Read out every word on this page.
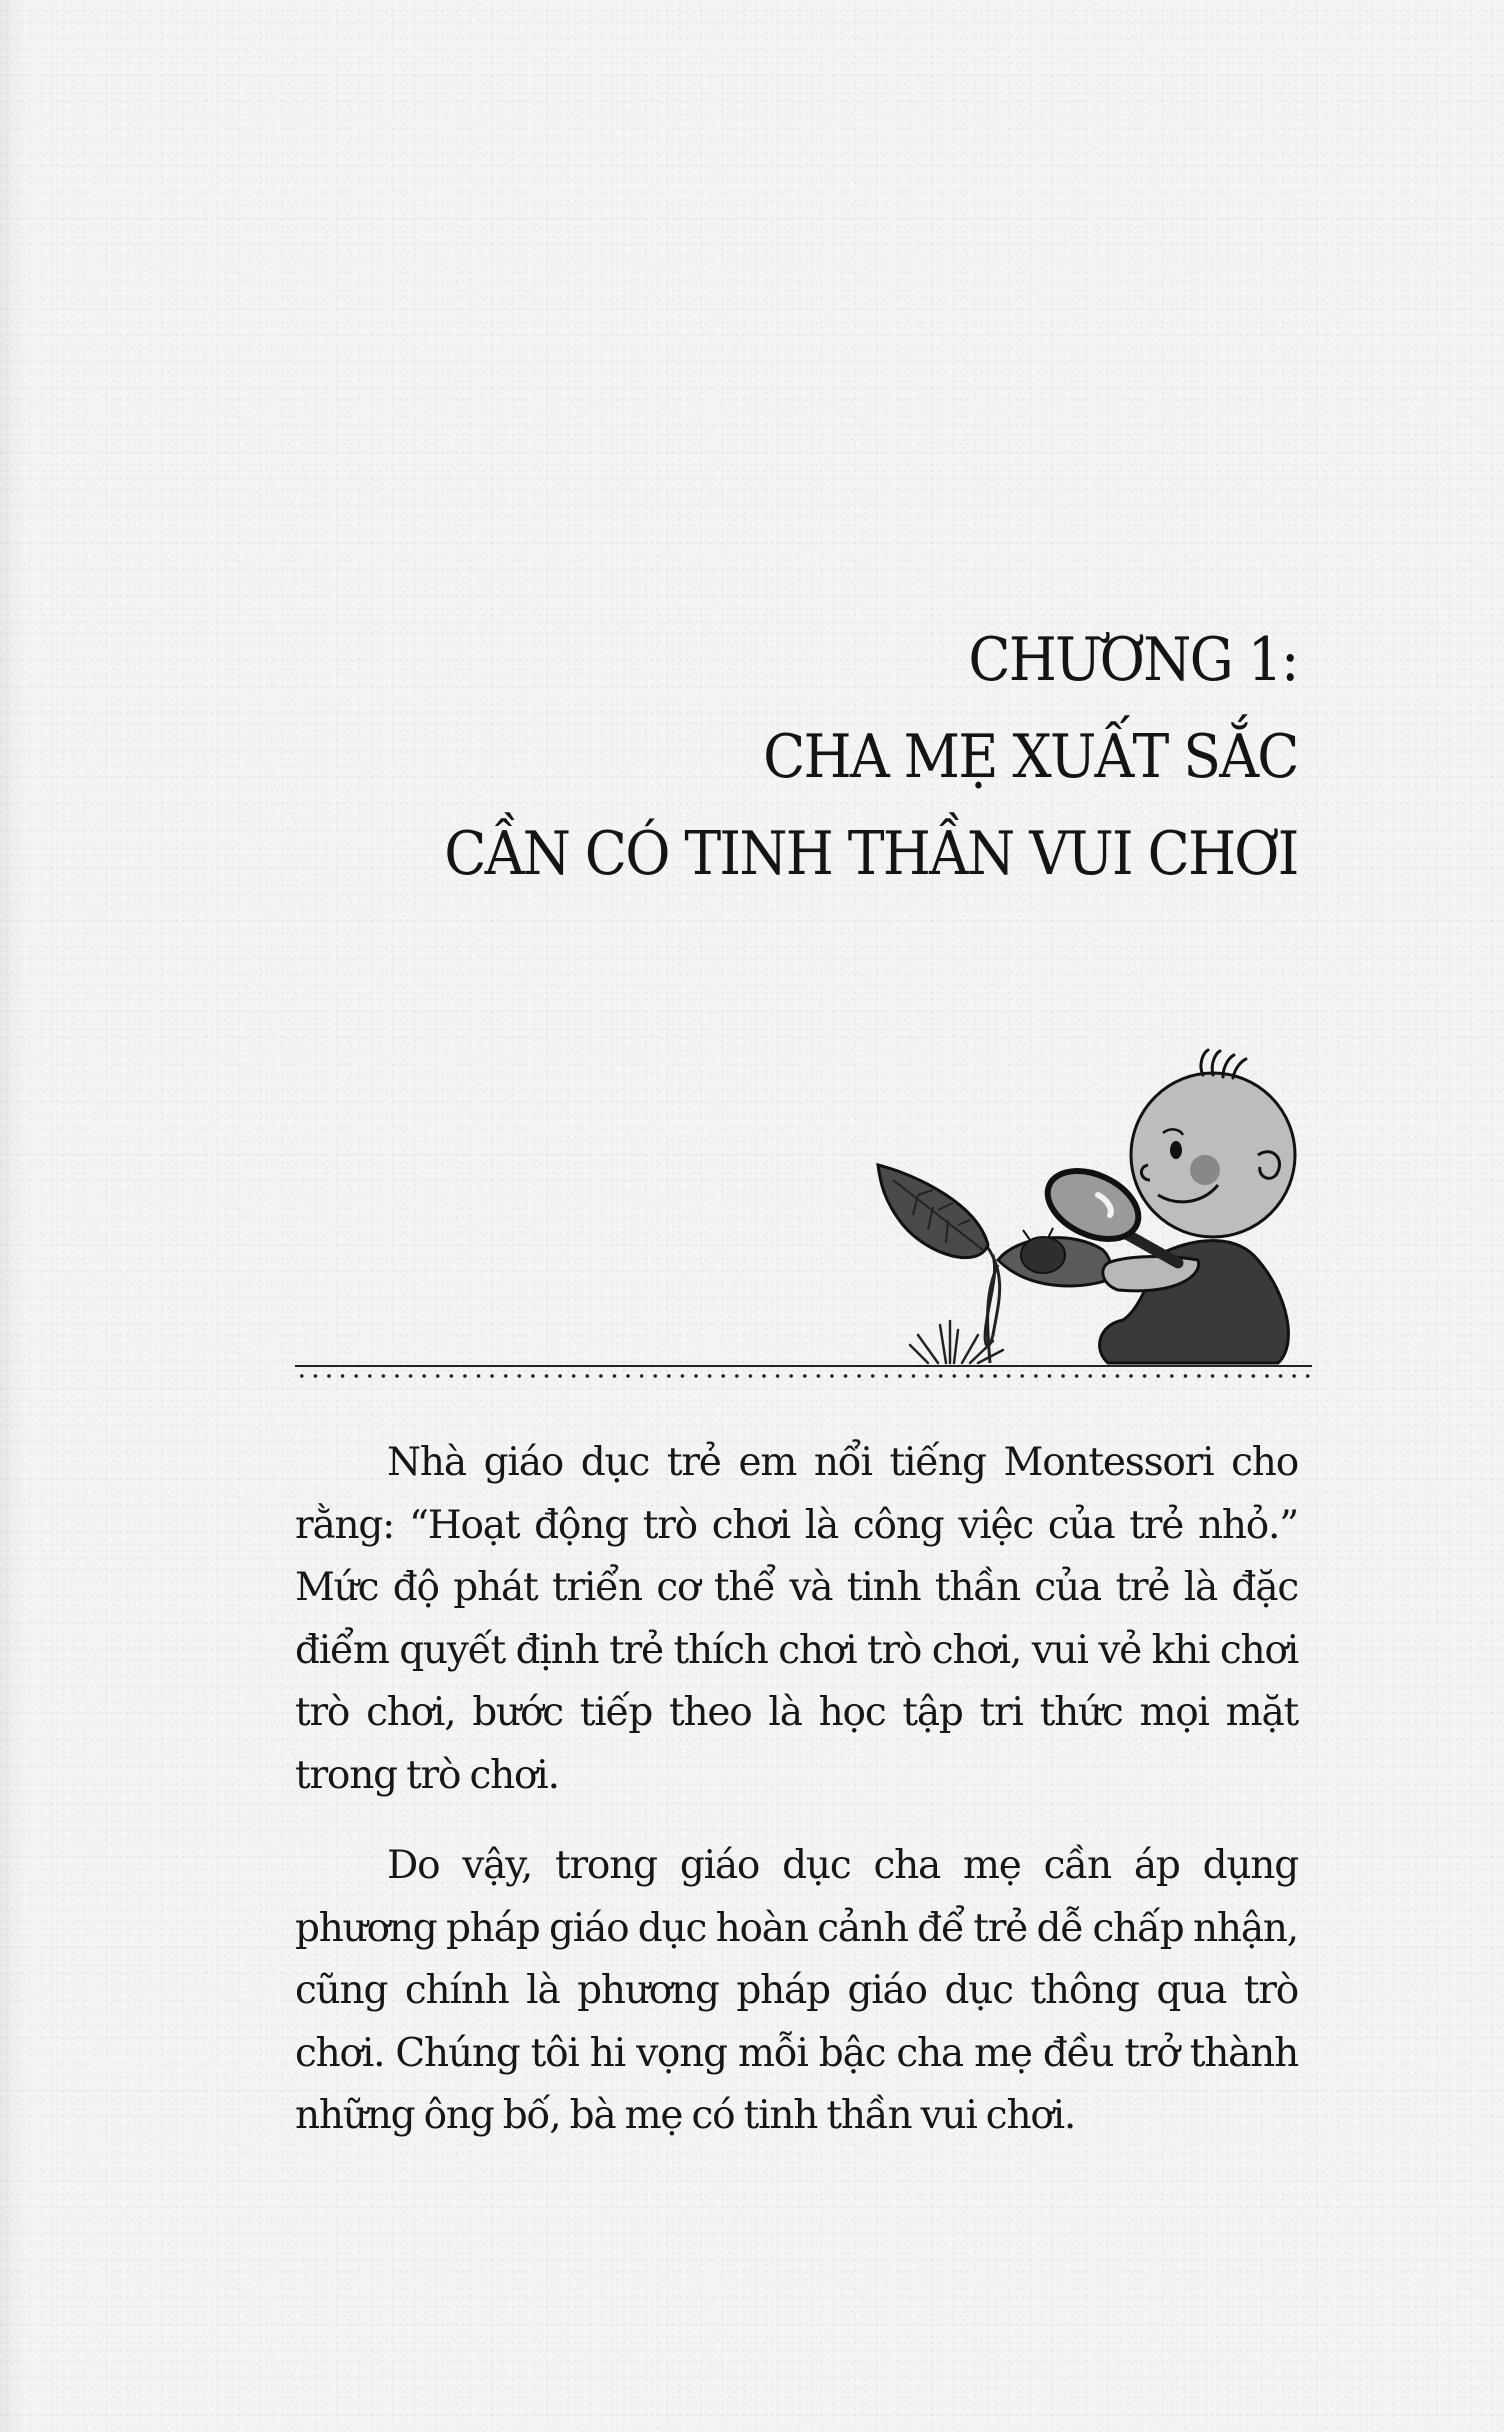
CHƯƠNG 1:
CHA MẸ XUẤT SẮC
CẦN CÓ TINH THẦN VUI CHƠI

Nhà giáo dục trẻ em nổi tiếng Montessori cho rằng: “Hoạt động trò chơi là công việc của trẻ nhỏ.” Mức độ phát triển cơ thể và tinh thần của trẻ là đặc điểm quyết định trẻ thích chơi trò chơi, vui vẻ khi chơi trò chơi, bước tiếp theo là học tập tri thức mọi mặt trong trò chơi.

Do vậy, trong giáo dục cha mẹ cần áp dụng phương pháp giáo dục hoàn cảnh để trẻ dễ chấp nhận, cũng chính là phương pháp giáo dục thông qua trò chơi. Chúng tôi hi vọng mỗi bậc cha mẹ đều trở thành những ông bố, bà mẹ có tinh thần vui chơi.
